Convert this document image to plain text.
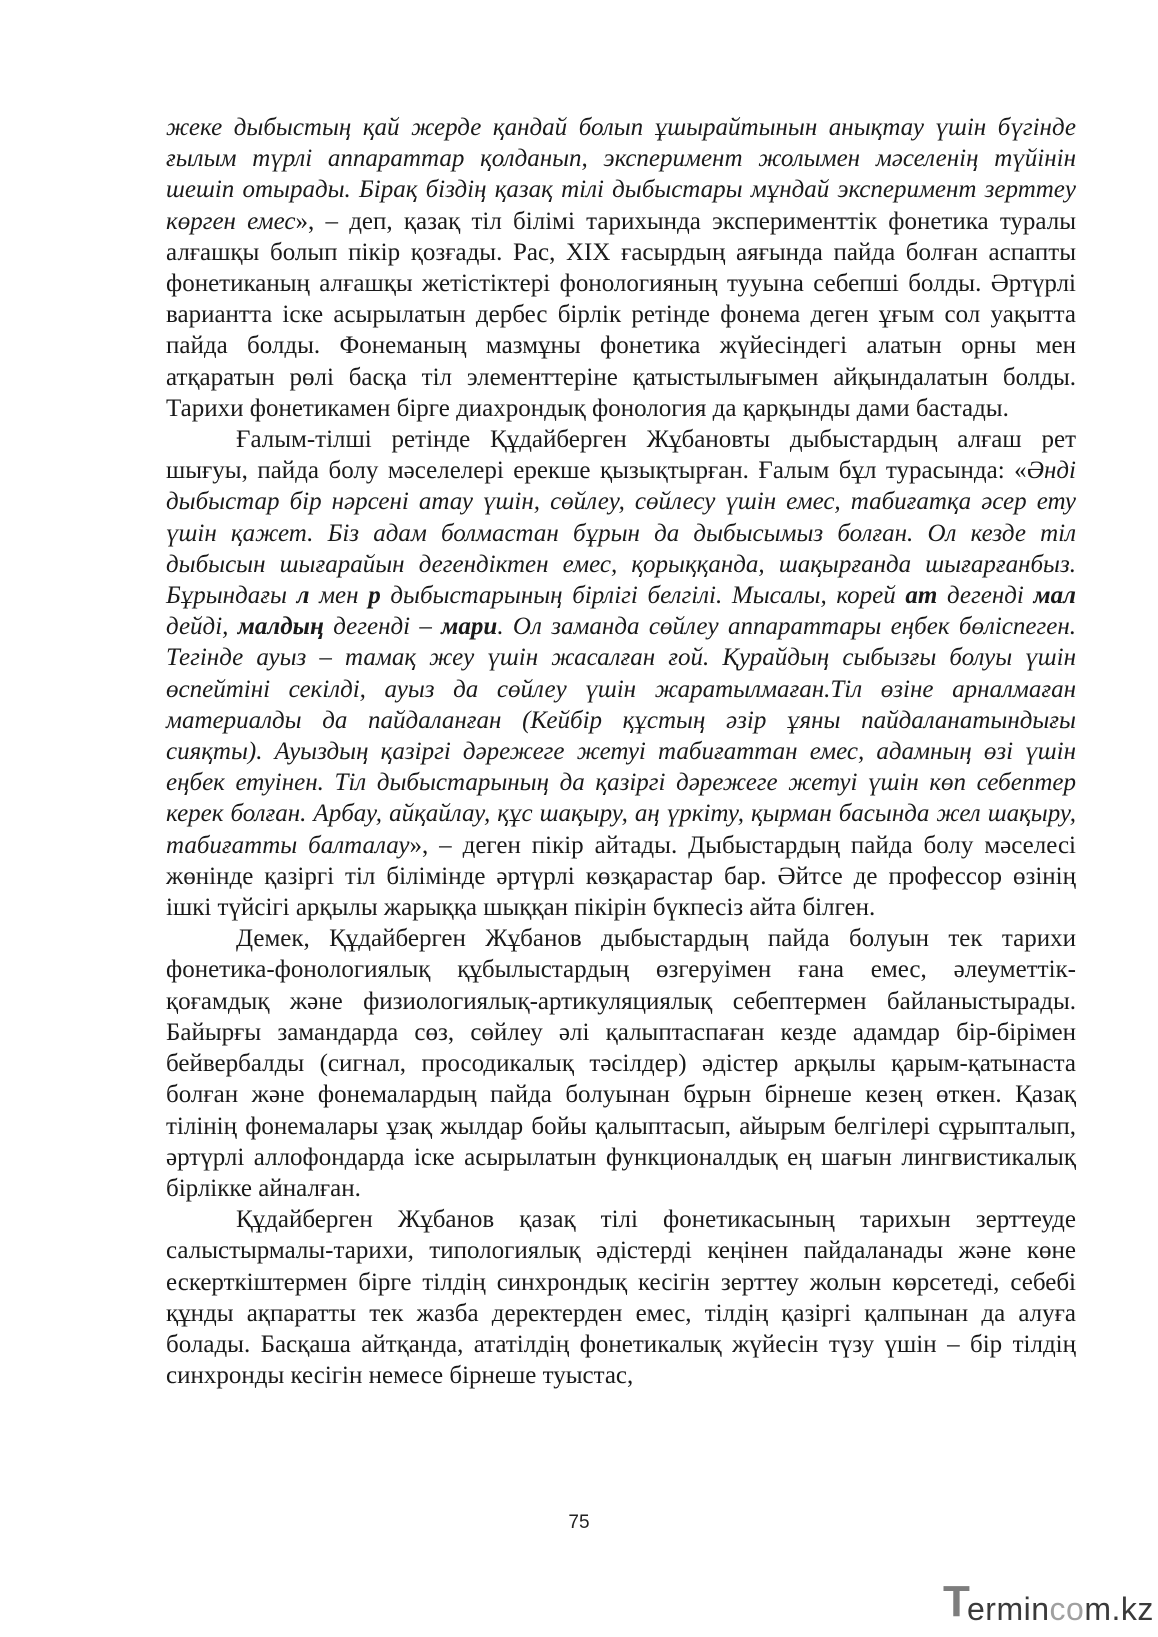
жеке дыбыстың қай жерде қандай болып ұшырайтынын анықтау үшін бүгінде ғылым түрлі аппараттар қолданып, эксперимент жолымен мәселенің түйінін шешіп отырады. Бірақ біздің қазақ тілі дыбыстары мұндай эксперимент зерттеу көрген емес», – деп, қазақ тіл білімі тарихында эксперименттік фонетика туралы алғашқы болып пікір қозғады. Рас, XIX ғасырдың аяғында пайда болған аспапты фонетиканың алғашқы жетістіктері фонологияның тууына себепші болды. Әртүрлі вариантта іске асырылатын дербес бірлік ретінде фонема деген ұғым сол уақытта пайда болды. Фонеманың мазмұны фонетика жүйесіндегі алатын орны мен атқаратын рөлі басқа тіл элементтеріне қатыстылығымен айқындалатын болды. Тарихи фонетикамен бірге диахрондық фонология да қарқынды дами бастады.

Ғалым-тілші ретінде Құдайберген Жұбановты дыбыстардың алғаш рет шығуы, пайда болу мәселелері ерекше қызықтырған. Ғалым бұл турасында: «Әнді дыбыстар бір нәрсені атау үшін, сөйлеу, сөйлесу үшін емес, табиғатқа әсер ету үшін қажет. Біз адам болмастан бұрын да дыбысымыз болған. Ол кезде тіл дыбысын шығарайын дегендіктен емес, қорыққанда, шақырғанда шығарғанбыз. Бұрындағы л мен р дыбыстарының бірлігі белгілі. Мысалы, корей ат дегенді мал дейді, малдың дегенді – мари. Ол заманда сөйлеу аппараттары еңбек бөліспеген. Тегінде ауыз – тамақ жеу үшін жасалған ғой. Қурайдың сыбызғы болуы үшін өспейтіні секілді, ауыз да сөйлеу үшін жаратылмаған.Тіл өзіне арналмаған материалды да пайдаланған (Кейбір құстың әзір ұяны пайдаланатындығы сияқты). Ауыздың қазіргі дәрежеге жетуі табиғаттан емес, адамның өзі үшін еңбек етуінен. Тіл дыбыстарының да қазіргі дәрежеге жетуі үшін көп себептер керек болған. Арбау, айқайлау, құс шақыру, аң үркіту, қырман басында жел шақыру, табиғатты балталау», – деген пікір айтады. Дыбыстардың пайда болу мәселесі жөнінде қазіргі тіл білімінде әртүрлі көзқарастар бар. Әйтсе де профессор өзінің ішкі түйсігі арқылы жарыққа шыққан пікірін бүкпесіз айта білген.

Демек, Құдайберген Жұбанов дыбыстардың пайда болуын тек тарихи фонетика-фонологиялық құбылыстардың өзгеруімен ғана емес, әлеуметтік-қоғамдық және физиологиялық-артикуляциялық себептермен байланыстырады. Байырғы замандарда сөз, сөйлеу әлі қалыптаспаған кезде адамдар бір-бірімен бейвербалды (сигнал, просодикалық тәсілдер) әдістер арқылы қарым-қатынаста болған және фонемалардың пайда болуынан бұрын бірнеше кезең өткен. Қазақ тілінің фонемалары ұзақ жылдар бойы қалыптасып, айырым белгілері сұрыпталып, әртүрлі аллофондарда іске асырылатын функционалдық ең шағын лингвистикалық бірлікке айналған.

Құдайберген Жұбанов қазақ тілі фонетикасының тарихын зерттеуде салыстырмалы-тарихи, типологиялық әдістерді кеңінен пайдаланады және көне ескерткіштермен бірге тілдің синхрондық кесігін зерттеу жолын көрсетеді, себебі құнды ақпаратты тек жазба деректерден емес, тілдің қазіргі қалпынан да алуға болады. Басқаша айтқанда, ататілдің фонетикалық жүйесін түзу үшін – бір тілдің синхронды кесігін немесе бірнеше туыстас,

75
T
ermincom.kz
